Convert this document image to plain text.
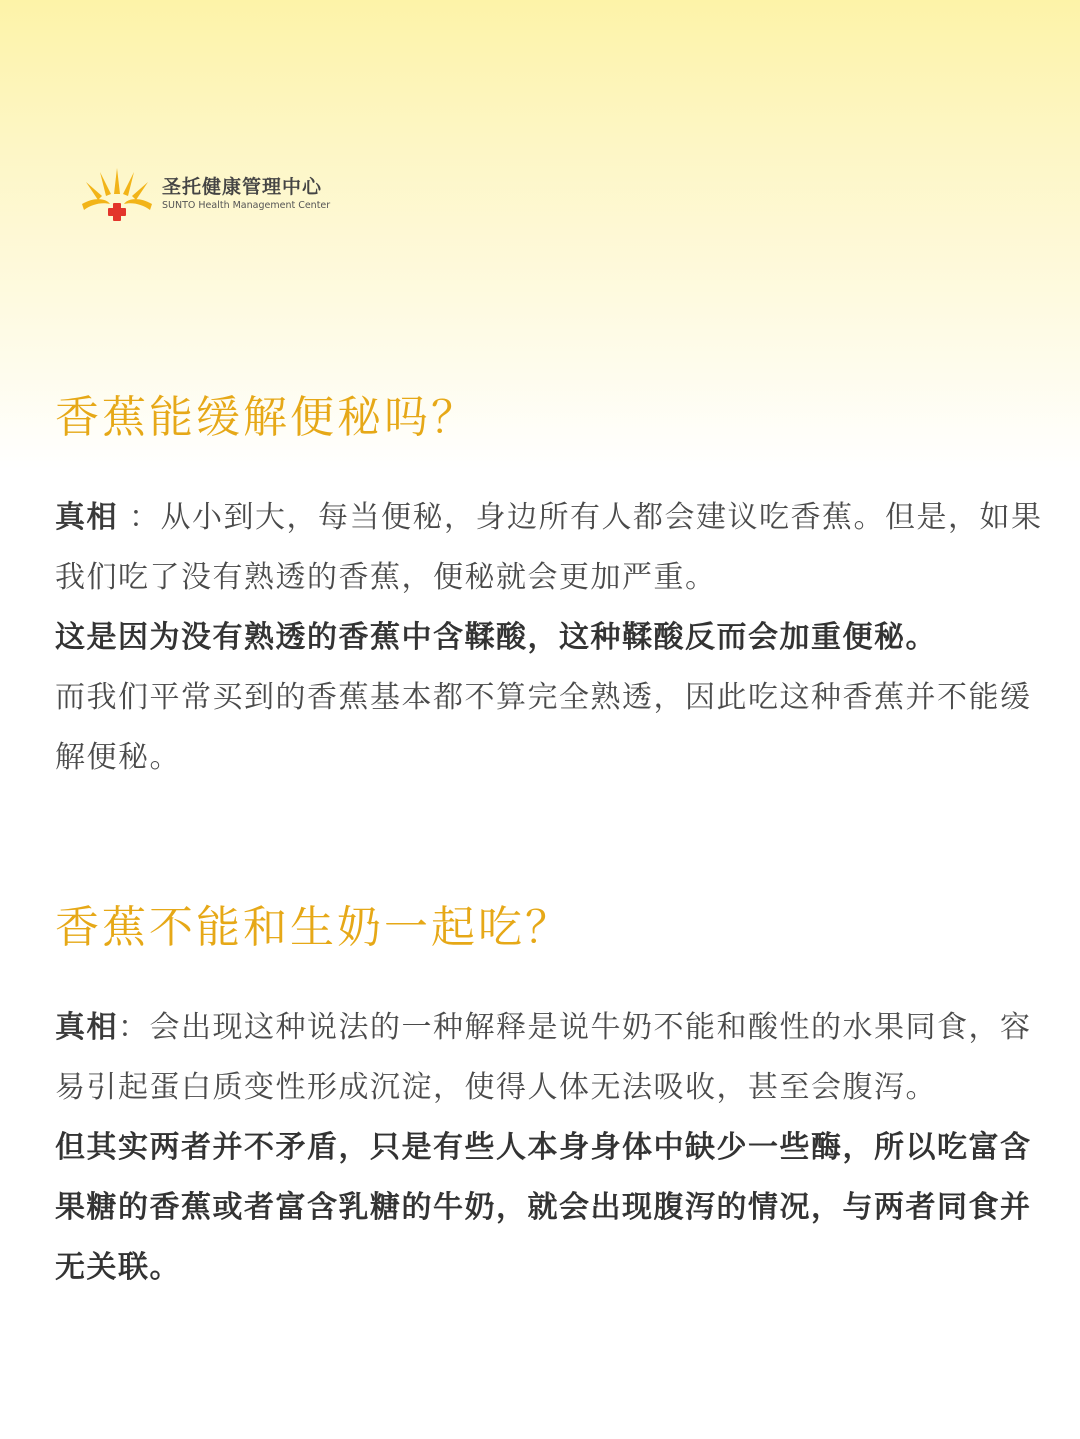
圣托健康管理中心
SUNTO Health Management Center
香蕉能缓解便秘吗？

真相 ：从小到大，每当便秘，身边所有人都会建议吃香蕉。但是，如果我们吃了没有熟透的香蕉，便秘就会更加严重。

这是因为没有熟透的香蕉中含鞣酸，这种鞣酸反而会加重便秘。

而我们平常买到的香蕉基本都不算完全熟透，因此吃这种香蕉并不能缓解便秘。

香蕉不能和生奶一起吃？

真相：会出现这种说法的一种解释是说牛奶不能和酸性的水果同食，容易引起蛋白质变性形成沉淀，使得人体无法吸收，甚至会腹泻。

但其实两者并不矛盾，只是有些人本身身体中缺少一些酶，所以吃富含果糖的香蕉或者富含乳糖的牛奶，就会出现腹泻的情况，与两者同食并无关联。
